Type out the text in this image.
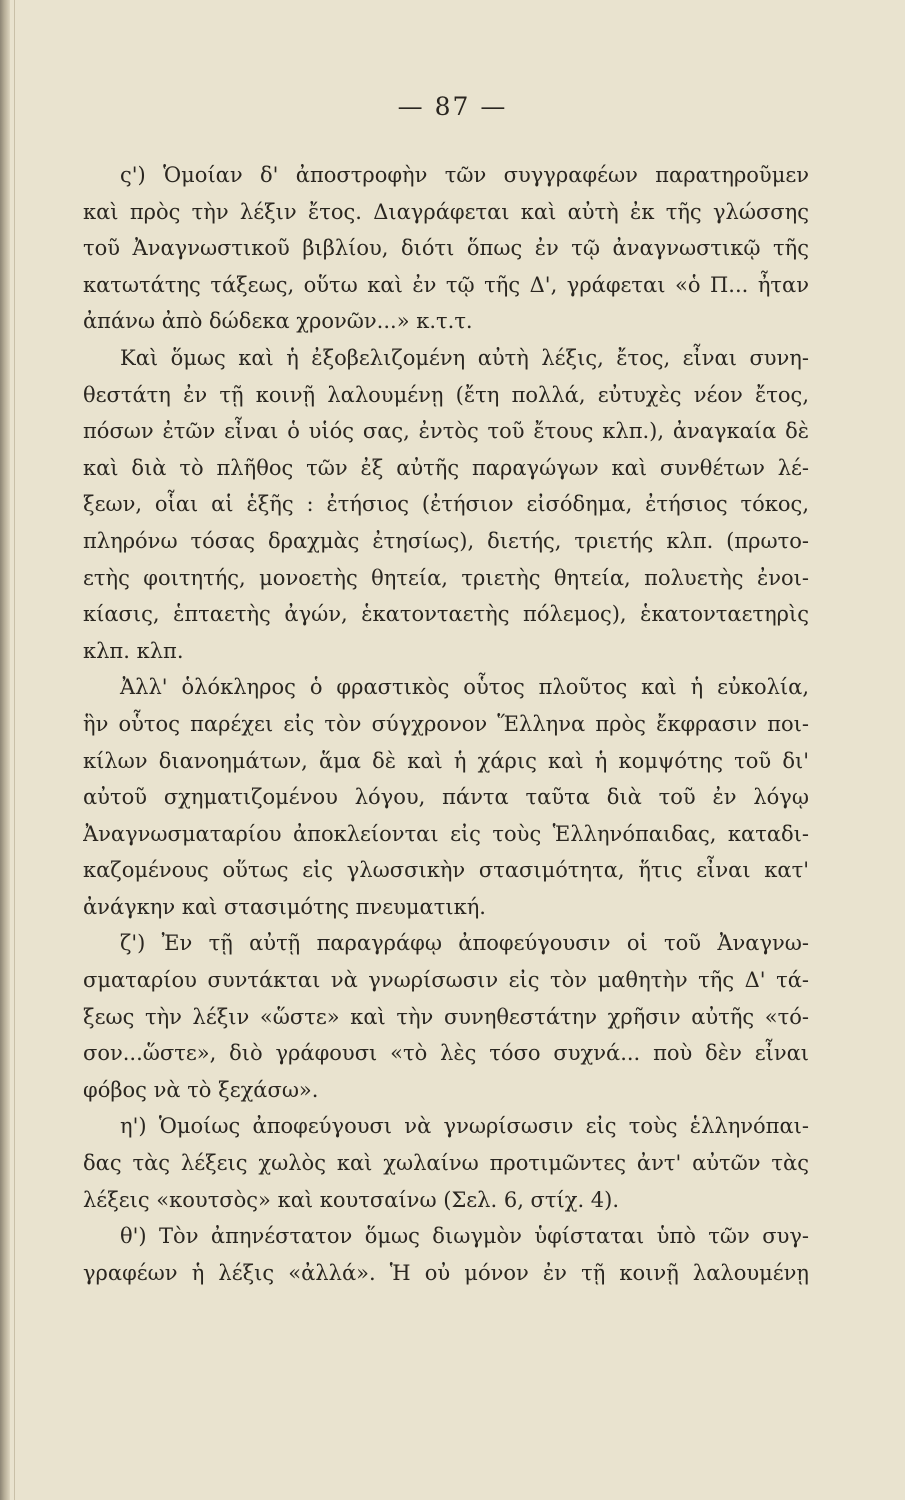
— 87 —
ς') Ὁμοίαν δ' ἀποστροφὴν τῶν συγγραφέων παρατηροῦμεν
καὶ πρὸς τὴν λέξιν ἔτος. Διαγράφεται καὶ αὐτὴ ἐκ τῆς γλώσσης
τοῦ Ἀναγνωστικοῦ βιβλίου, διότι ὅπως ἐν τῷ ἀναγνωστικῷ τῆς
κατωτάτης τάξεως, οὕτω καὶ ἐν τῷ τῆς Δ', γράφεται «ὁ Π... ἦταν
ἀπάνω ἀπὸ δώδεκα χρονῶν...» κ.τ.τ.
Καὶ ὅμως καὶ ἡ ἐξοβελιζομένη αὐτὴ λέξις, ἔτος, εἶναι συνη-
θεστάτη ἐν τῇ κοινῇ λαλουμένῃ (ἔτη πολλά, εὐτυχὲς νέον ἔτος,
πόσων ἐτῶν εἶναι ὁ υἱός σας, ἐντὸς τοῦ ἔτους κλπ.), ἀναγκαία δὲ
καὶ διὰ τὸ πλῆθος τῶν ἐξ αὐτῆς παραγώγων καὶ συνθέτων λέ-
ξεων, οἷαι αἱ ἑξῆς : ἐτήσιος (ἐτήσιον εἰσόδημα, ἐτήσιος τόκος,
πληρόνω τόσας δραχμὰς ἐτησίως), διετής, τριετής κλπ. (πρωτο-
ετὴς φοιτητής, μονοετὴς θητεία, τριετὴς θητεία, πολυετὴς ἐνοι-
κίασις, ἑπταετὴς ἀγών, ἑκατονταετὴς πόλεμος), ἑκατονταετηρὶς
κλπ. κλπ.
Ἀλλ' ὁλόκληρος ὁ φραστικὸς οὗτος πλοῦτος καὶ ἡ εὐκολία,
ἣν οὗτος παρέχει εἰς τὸν σύγχρονον Ἕλληνα πρὸς ἔκφρασιν ποι-
κίλων διανοημάτων, ἅμα δὲ καὶ ἡ χάρις καὶ ἡ κομψότης τοῦ δι'
αὐτοῦ σχηματιζομένου λόγου, πάντα ταῦτα διὰ τοῦ ἐν λόγῳ
Ἀναγνωσματαρίου ἀποκλείονται εἰς τοὺς Ἑλληνόπαιδας, καταδι-
καζομένους οὕτως εἰς γλωσσικὴν στασιμότητα, ἥτις εἶναι κατ'
ἀνάγκην καὶ στασιμότης πνευματική.
ζ') Ἐν τῇ αὐτῇ παραγράφῳ ἀποφεύγουσιν οἱ τοῦ Ἀναγνω-
σματαρίου συντάκται νὰ γνωρίσωσιν εἰς τὸν μαθητὴν τῆς Δ' τά-
ξεως τὴν λέξιν «ὥστε» καὶ τὴν συνηθεστάτην χρῆσιν αὐτῆς «τό-
σον...ὥστε», διὸ γράφουσι «τὸ λὲς τόσο συχνά... ποὺ δὲν εἶναι
φόβος νὰ τὸ ξεχάσω».
η') Ὁμοίως ἀποφεύγουσι νὰ γνωρίσωσιν εἰς τοὺς ἑλληνόπαι-
δας τὰς λέξεις χωλὸς καὶ χωλαίνω προτιμῶντες ἀντ' αὐτῶν τὰς
λέξεις «κουτσὸς» καὶ κουτσαίνω (Σελ. 6, στίχ. 4).
θ') Τὸν ἀπηνέστατον ὅμως διωγμὸν ὑφίσταται ὑπὸ τῶν συγ-
γραφέων ἡ λέξις «ἀλλά». Ἡ οὐ μόνον ἐν τῇ κοινῇ λαλουμένῃ
